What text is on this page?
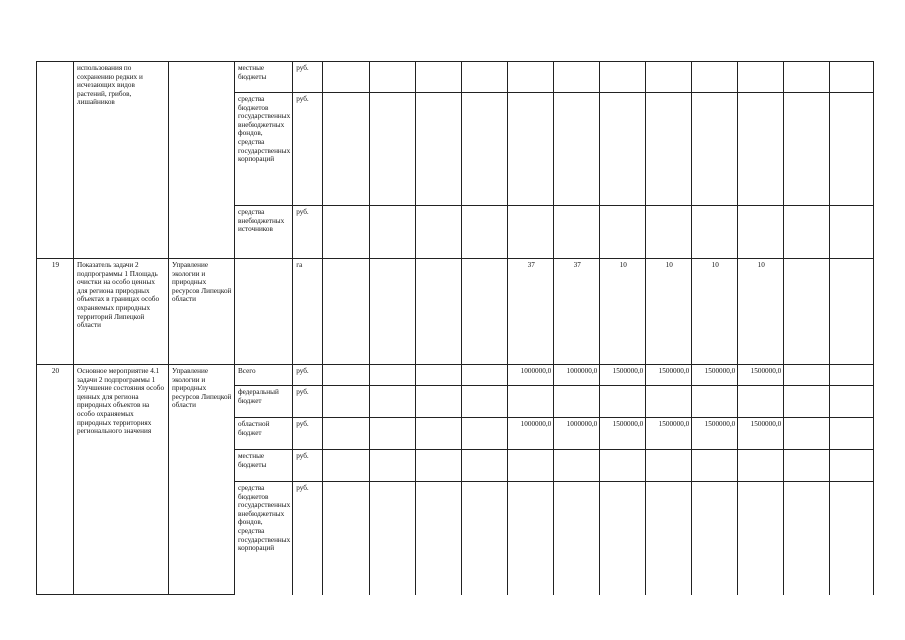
	использования по сохранению редких и исчезающих видов растений, грибов, лишайников		местные бюджеты	руб.												
			средства бюджетов государственных внебюджетных фондов, средства государственных корпораций	руб.												
			средства внебюджетных источников	руб.												
19	Показатель задачи 2 подпрограммы 1 Площадь очистки на особо ценных для региона природных объектах в границах особо охраняемых природных территорий Липецкой области	Управление экологии и природных ресурсов Липецкой области		га					37	37	10	10	10	10		
20	Основное мероприятие 4.1 задачи 2 подпрограммы 1 Улучшение состояния особо ценных для региона природных объектов на особо охраняемых природных территориях регионального значения	Управление экологии и природных ресурсов Липецкой области	Всего	руб.					1000000,0	1000000,0	1500000,0	1500000,0	1500000,0	1500000,0		
			федеральный бюджет	руб.												
			областной бюджет	руб.					1000000,0	1000000,0	1500000,0	1500000,0	1500000,0	1500000,0		
			местные бюджеты	руб.												
			средства бюджетов государственных внебюджетных фондов, средства государственных корпораций	руб.												
